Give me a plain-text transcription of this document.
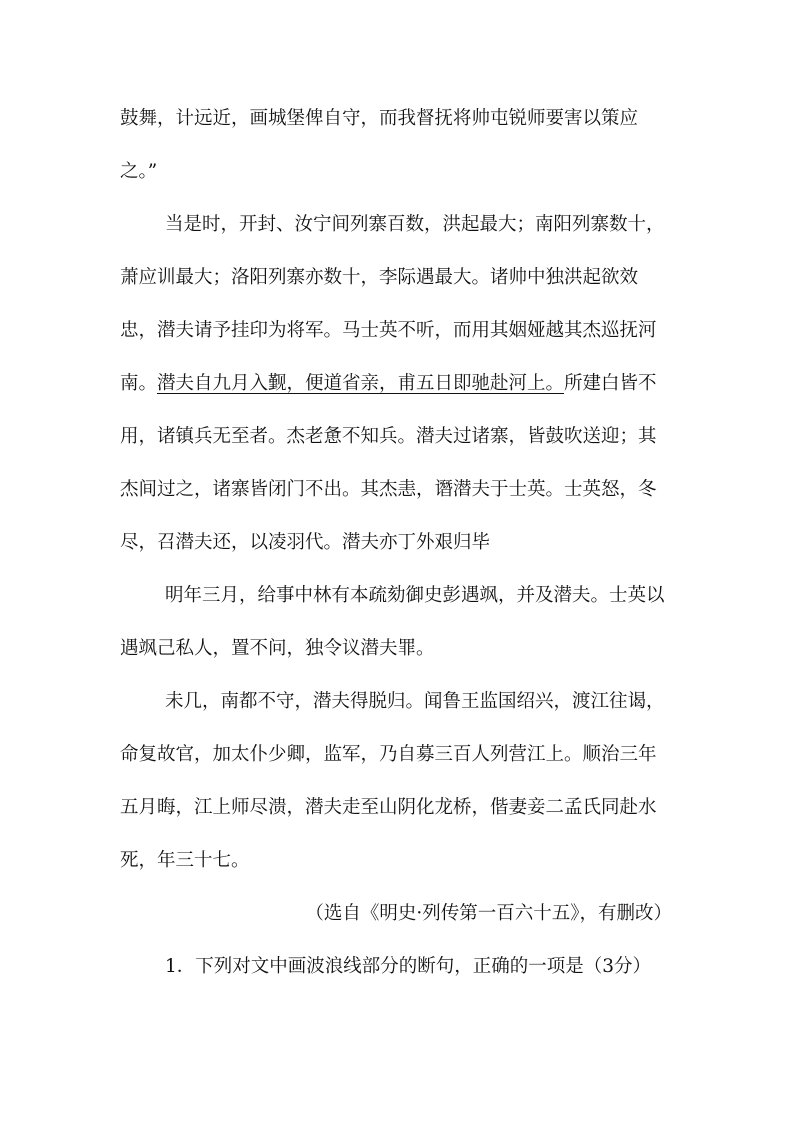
鼓舞，计远近，画城堡俾自守，而我督抚将帅屯锐师要害以策应
之。”
当是时，开封、汝宁间列寨百数，洪起最大；南阳列寨数十，
萧应训最大；洛阳列寨亦数十，李际遇最大。诸帅中独洪起欲效
忠，潜夫请予挂印为将军。马士英不听，而用其姻娅越其杰巡抚河
南。潜夫自九月入觐，便道省亲，甫五日即驰赴河上。所建白皆不
用，诸镇兵无至者。杰老惫不知兵。潜夫过诸寨，皆鼓吹送迎；其
杰间过之，诸寨皆闭门不出。其杰恚，谮潜夫于士英。士英怒，冬
尽，召潜夫还，以凌羽代。潜夫亦丁外艰归毕
明年三月，给事中林有本疏劾御史彭遇飒，并及潜夫。士英以
遇飒己私人，置不问，独令议潜夫罪。
未几，南都不守，潜夫得脱归。闻鲁王监国绍兴，渡江往谒，
命复故官，加太仆少卿，监军，乃自募三百人列营江上。顺治三年
五月晦，江上师尽溃，潜夫走至山阴化龙桥，偕妻妾二孟氏同赴水
死，年三十七。
（选自《明史·列传第一百六十五》，有删改）
1．下列对文中画波浪线部分的断句，正确的一项是（3分）
